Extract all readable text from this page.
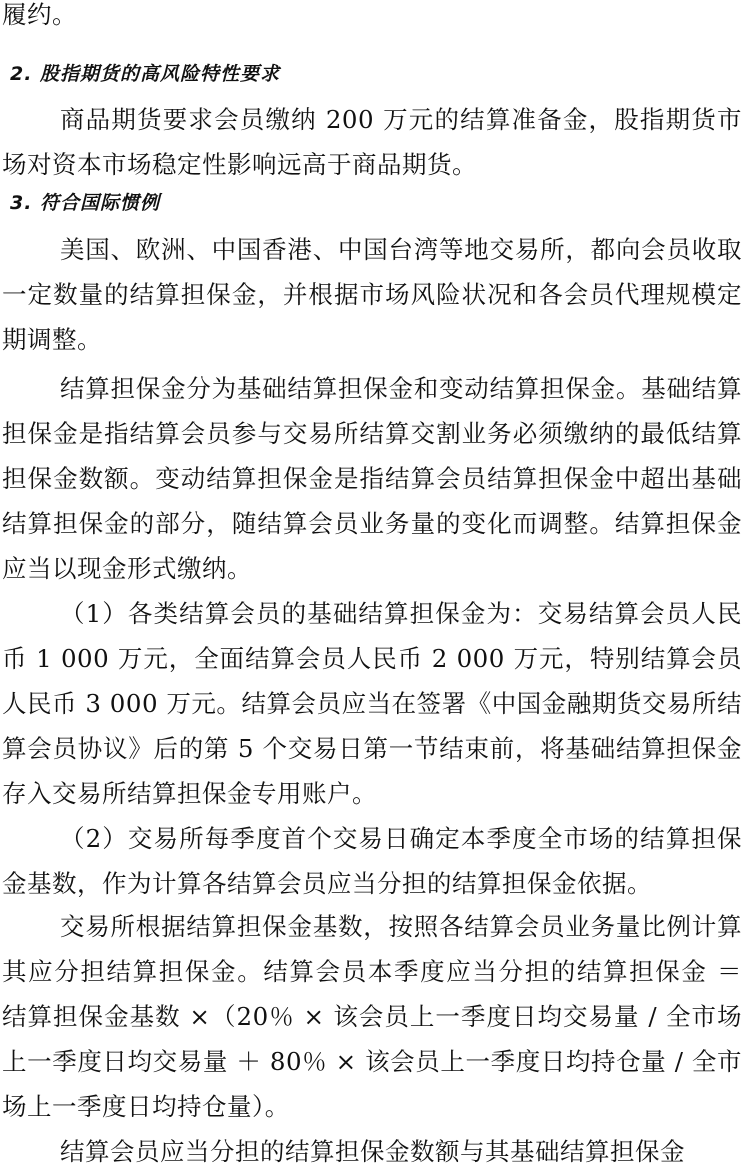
履约。

2. 股指期货的高风险特性要求

商品期货要求会员缴纳 200 万元的结算准备金，股指期货市场对资本市场稳定性影响远高于商品期货。

3. 符合国际惯例

美国、欧洲、中国香港、中国台湾等地交易所，都向会员收取一定数量的结算担保金，并根据市场风险状况和各会员代理规模定期调整。

结算担保金分为基础结算担保金和变动结算担保金。基础结算担保金是指结算会员参与交易所结算交割业务必须缴纳的最低结算担保金数额。变动结算担保金是指结算会员结算担保金中超出基础结算担保金的部分，随结算会员业务量的变化而调整。结算担保金应当以现金形式缴纳。

（1）各类结算会员的基础结算担保金为：交易结算会员人民币 1 000 万元，全面结算会员人民币 2 000 万元，特别结算会员人民币 3 000 万元。结算会员应当在签署《中国金融期货交易所结算会员协议》后的第 5 个交易日第一节结束前，将基础结算担保金存入交易所结算担保金专用账户。

（2）交易所每季度首个交易日确定本季度全市场的结算担保金基数，作为计算各结算会员应当分担的结算担保金依据。

交易所根据结算担保金基数，按照各结算会员业务量比例计算其应分担结算担保金。结算会员本季度应当分担的结算担保金 ＝ 结算担保金基数 ×（20％ × 该会员上一季度日均交易量 / 全市场上一季度日均交易量 ＋ 80％ × 该会员上一季度日均持仓量 / 全市场上一季度日均持仓量）。

结算会员应当分担的结算担保金数额与其基础结算担保金
